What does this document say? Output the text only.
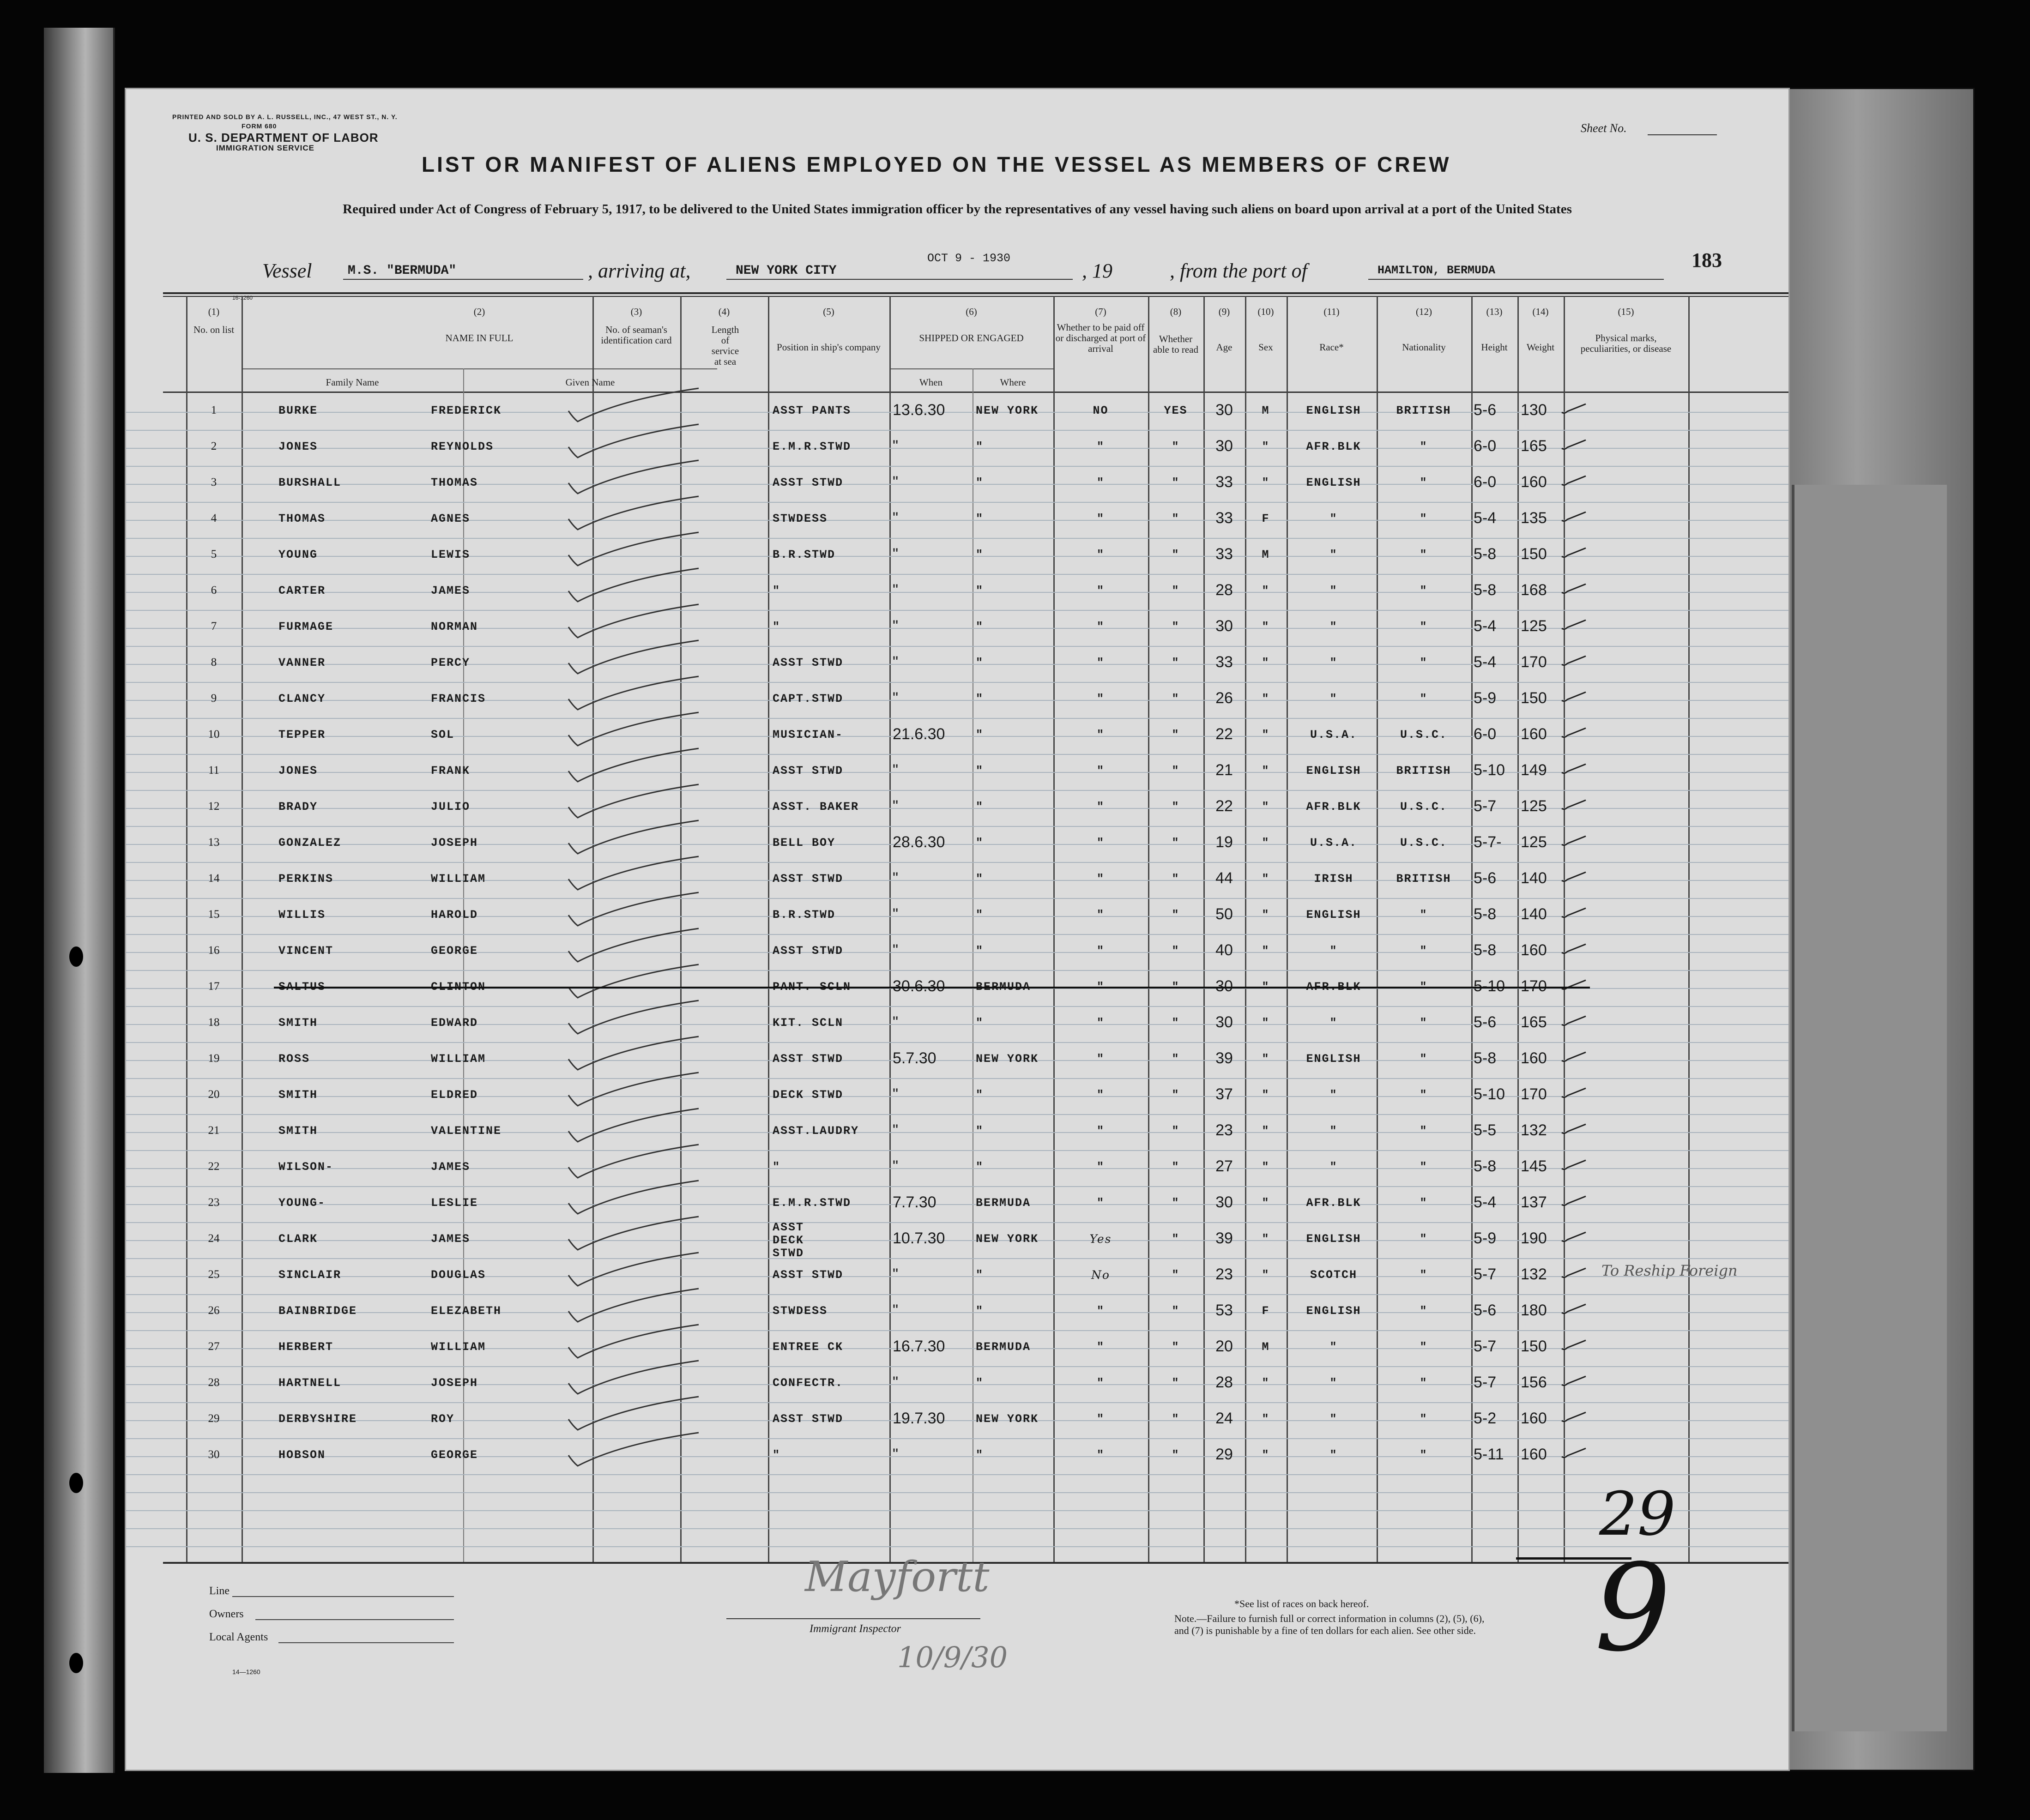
PRINTED AND SOLD BY A. L. RUSSELL, INC., 47 WEST ST., N. Y.
FORM 680
U. S. DEPARTMENT OF LABOR
IMMIGRATION SERVICE
Sheet No.
LIST OR MANIFEST OF ALIENS EMPLOYED ON THE VESSEL AS MEMBERS OF CREW
Required under Act of Congress of February 5, 1917, to be delivered to the United States immigration officer by the representatives of any vessel having such aliens on board upon arrival at a port of the United States
Vessel	M.S. "BERMUDA"	, arriving at,	NEW YORK CITY
OCT 9 - 1930
, 19	, from the port of	HAMILTON, BERMUDA	183
16-1260
(1)
No. on list
(2)
NAME IN FULL
Family Name	Given Name
(3)
No. of seaman's identification card
(4)
Length of service at sea
(5)
Position in ship's company
(6)
SHIPPED OR ENGAGED
When	Where
(7)
Whether to be paid off or discharged at port of arrival
(8)
Whether able to read
(9)
Age
(10)
Sex
(11)
Race*
(12)
Nationality
(13)
Height
(14)
Weight
(15)
Physical marks, peculiarities, or disease
1	BURKE	FREDERICK	ASST PANTS	13.6.30	NEW YORK	NO	YES	30	M	ENGLISH	BRITISH	5-6	130
2	JONES	REYNOLDS	E.M.R.STWD	"	"	"	"	30	"	AFR.BLK	"	6-0	165
3	BURSHALL	THOMAS	ASST STWD	"	"	"	"	33	"	ENGLISH	"	6-0	160
4	THOMAS	AGNES	STWDESS	"	"	"	"	33	F	"	"	5-4	135
5	YOUNG	LEWIS	B.R.STWD	"	"	"	"	33	M	"	"	5-8	150
6	CARTER	JAMES	"	"	"	"	"	28	"	"	"	5-8	168
7	FURMAGE	NORMAN	"	"	"	"	"	30	"	"	"	5-4	125
8	VANNER	PERCY	ASST STWD	"	"	"	"	33	"	"	"	5-4	170
9	CLANCY	FRANCIS	CAPT.STWD	"	"	"	"	26	"	"	"	5-9	150
10	TEPPER	SOL	MUSICIAN-	21.6.30	"	"	"	22	"	U.S.A.	U.S.C.	6-0	160
11	JONES	FRANK	ASST STWD	"	"	"	"	21	"	ENGLISH	BRITISH	5-10 149
12	BRADY	JULIO	ASST. BAKER	"	"	"	"	22	"	AFR.BLK	U.S.C.	5-7	125
13	GONZALEZ	JOSEPH	BELL BOY	28.6.30	"	"	"	19	"	U.S.A.	U.S.C.	5-7-	125
14	PERKINS	WILLIAM	ASST STWD	"	"	"	"	44	"	IRISH	BRITISH	5-6	140
15	WILLIS	HAROLD	B.R.STWD	"	"	"	"	50	"	ENGLISH	"	5-8	140
16	VINCENT	GEORGE	ASST STWD	"	"	"	"	40	"	"	"	5-8	160
17	SALTUS	CLINTON	PANT. SCLN	30.6.30	BERMUDA	"	"	30	"	AFR.BLK	"	5-10 170
18	SMITH	EDWARD	KIT. SCLN	"	"	"	"	30	"	"	"	5-6	165
19	ROSS	WILLIAM	ASST STWD	5.7.30	NEW YORK	"	"	39	"	ENGLISH	"	5-8	160
20	SMITH	ELDRED	DECK STWD	"	"	"	"	37	"	"	"	5-10 170
21	SMITH	VALENTINE	ASST.LAUDRY	"	"	"	"	23	"	"	"	5-5	132
22	WILSON-	JAMES	"	"	"	"	"	27	"	"	"	5-8	145
23	YOUNG-	LESLIE	E.M.R.STWD	7.7.30	BERMUDA	"	"	30	"	AFR.BLK	"	5-4	137
24	CLARK	JAMES
ASST DECK STWD
10.7.30	NEW YORK	Yes	"	39	"	ENGLISH	"	5-9	190
25	SINCLAIR	DOUGLAS	ASST STWD	"	"	No	"	23	"	SCOTCH	"	5-7	132
26	BAINBRIDGE	ELEZABETH	STWDESS	"	"	"	"	53	F	ENGLISH	"	5-6	180
27	HERBERT	WILLIAM	ENTREE CK	16.7.30	BERMUDA	"	"	20	M	"	"	5-7	150
28	HARTNELL	JOSEPH	CONFECTR.	"	"	"	"	28	"	"	"	5-7	156
29	DERBYSHIRE	ROY	ASST STWD	19.7.30	NEW YORK	"	"	24	"	"	"	5-2	160
30	HOBSON	GEORGE	"	"	"	"	"	29	"	"	"	5-11	160
To Reship Foreign
29
9
Line
Owners
Local Agents
14—1260
Mayfortt
Immigrant Inspector
10/9/30
*See list of races on back hereof.
Note.—Failure to furnish full or correct information in columns (2), (5), (6), and (7) is punishable by a fine of ten dollars for each alien. See other side.
